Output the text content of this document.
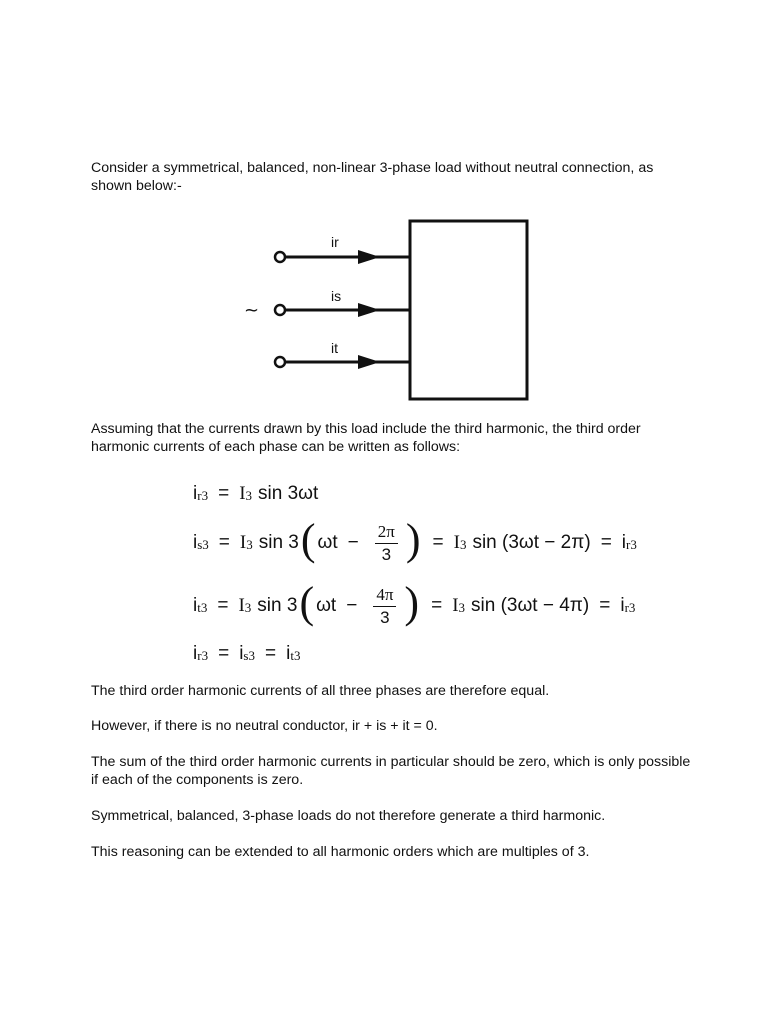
Consider a symmetrical, balanced, non-linear 3-phase load without neutral connection, as shown below:-

ir
is
~
it

Assuming that the currents drawn by this load include the third harmonic, the third order harmonic currents of each phase can be written as follows:

$i_{r3} = I_3$ sin 3ωt
$i_{s3} = I_3$ sin 3 ( $\omega t - \frac{2\pi}{3}$ ) = $I_3$ $\sin (3\omega t - 2\pi) = i_{r3}$
$i_{t3} = I_3$ sin 3 ( $\omega t - \frac{4\pi}{3}$ ) = $I_3$ $\sin (3\omega t - 4\pi) = i_{r3}$
$i_{r3} = i_{s3} = i_{t3}$

The third order harmonic currents of all three phases are therefore equal.

However, if there is no neutral conductor, ir + is + it = 0.

The sum of the third order harmonic currents in particular should be zero, which is only possible if each of the components is zero.

Symmetrical, balanced, 3-phase loads do not therefore generate a third harmonic.

This reasoning can be extended to all harmonic orders which are multiples of 3.
